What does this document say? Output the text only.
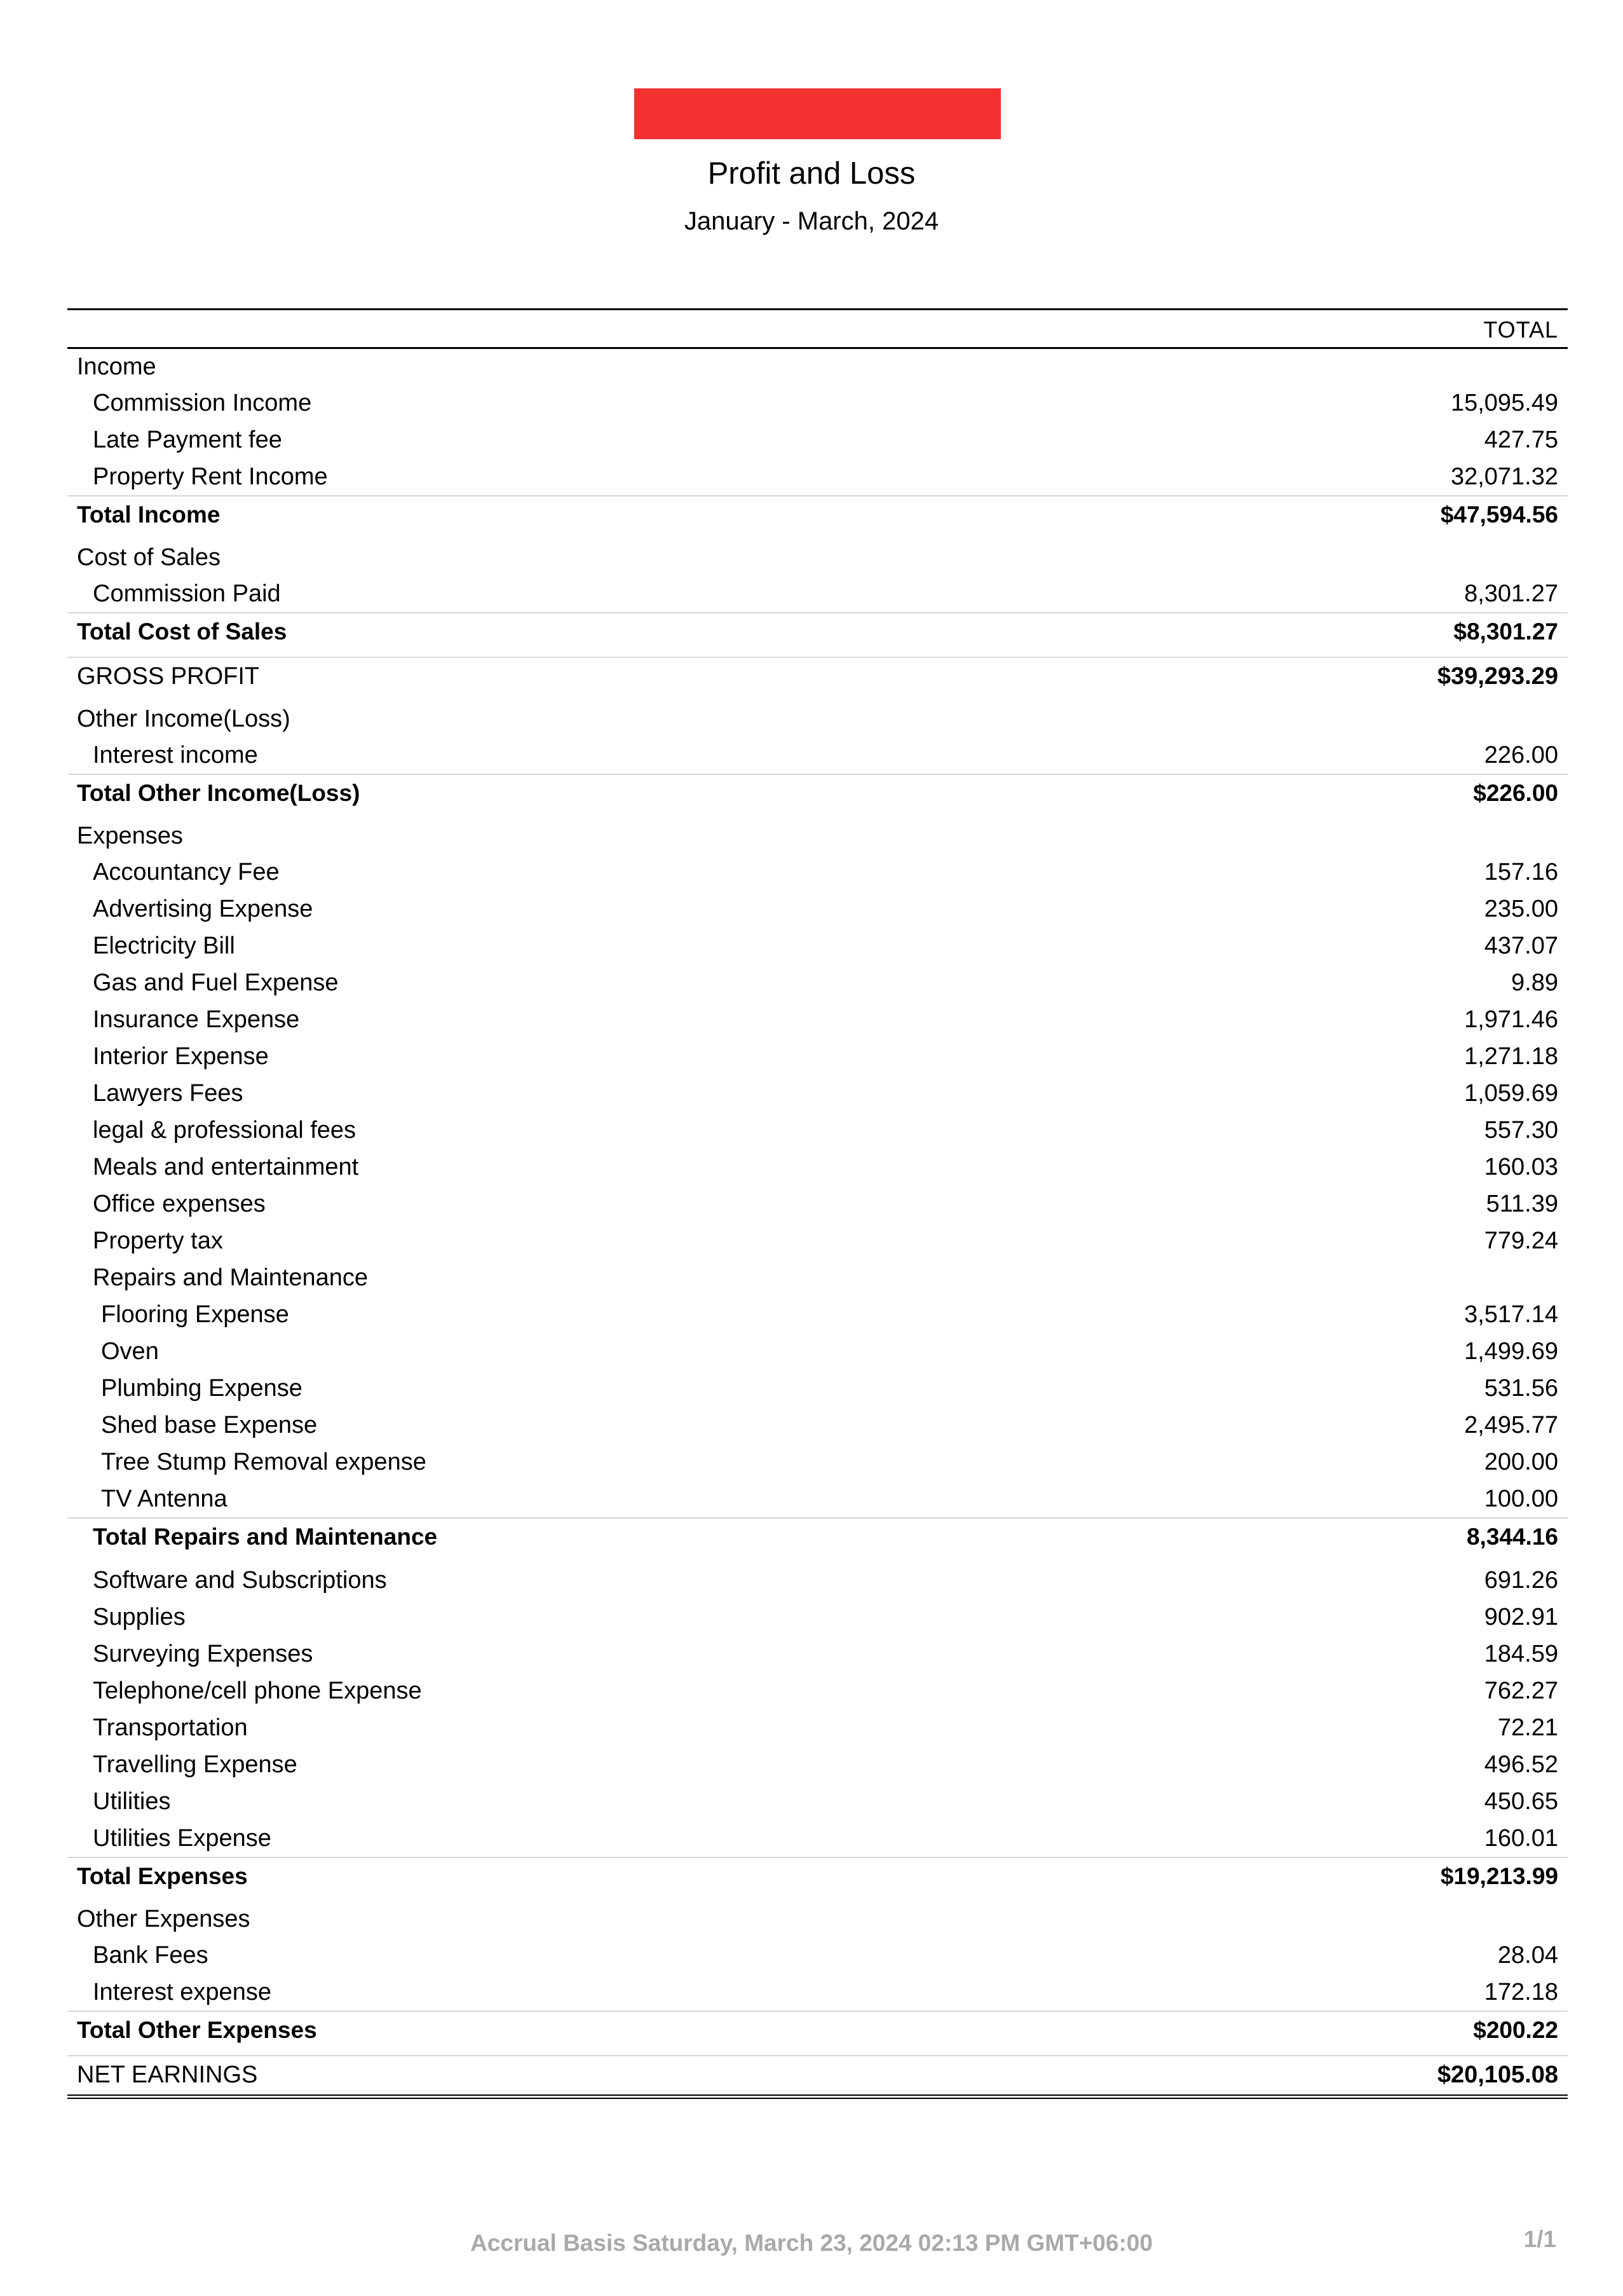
Profit and Loss
January - March, 2024
TOTAL
Income
Commission Income	15,095.49
Late Payment fee	427.75
Property Rent Income	32,071.32
Total Income	$47,594.56
Cost of Sales
Commission Paid	8,301.27
Total Cost of Sales	$8,301.27
GROSS PROFIT	$39,293.29
Other Income(Loss)
Interest income	226.00
Total Other Income(Loss)	$226.00
Expenses
Accountancy Fee	157.16
Advertising Expense	235.00
Electricity Bill	437.07
Gas and Fuel Expense	9.89
Insurance Expense	1,971.46
Interior Expense	1,271.18
Lawyers Fees	1,059.69
legal & professional fees	557.30
Meals and entertainment	160.03
Office expenses	511.39
Property tax	779.24
Repairs and Maintenance
Flooring Expense	3,517.14
Oven	1,499.69
Plumbing Expense	531.56
Shed base Expense	2,495.77
Tree Stump Removal expense	200.00
TV Antenna	100.00
Total Repairs and Maintenance	8,344.16
Software and Subscriptions	691.26
Supplies	902.91
Surveying Expenses	184.59
Telephone/cell phone Expense	762.27
Transportation	72.21
Travelling Expense	496.52
Utilities	450.65
Utilities Expense	160.01
Total Expenses	$19,213.99
Other Expenses
Bank Fees	28.04
Interest expense	172.18
Total Other Expenses	$200.22
NET EARNINGS	$20,105.08
Accrual Basis Saturday, March 23, 2024 02:13 PM GMT+06:00	1/1
